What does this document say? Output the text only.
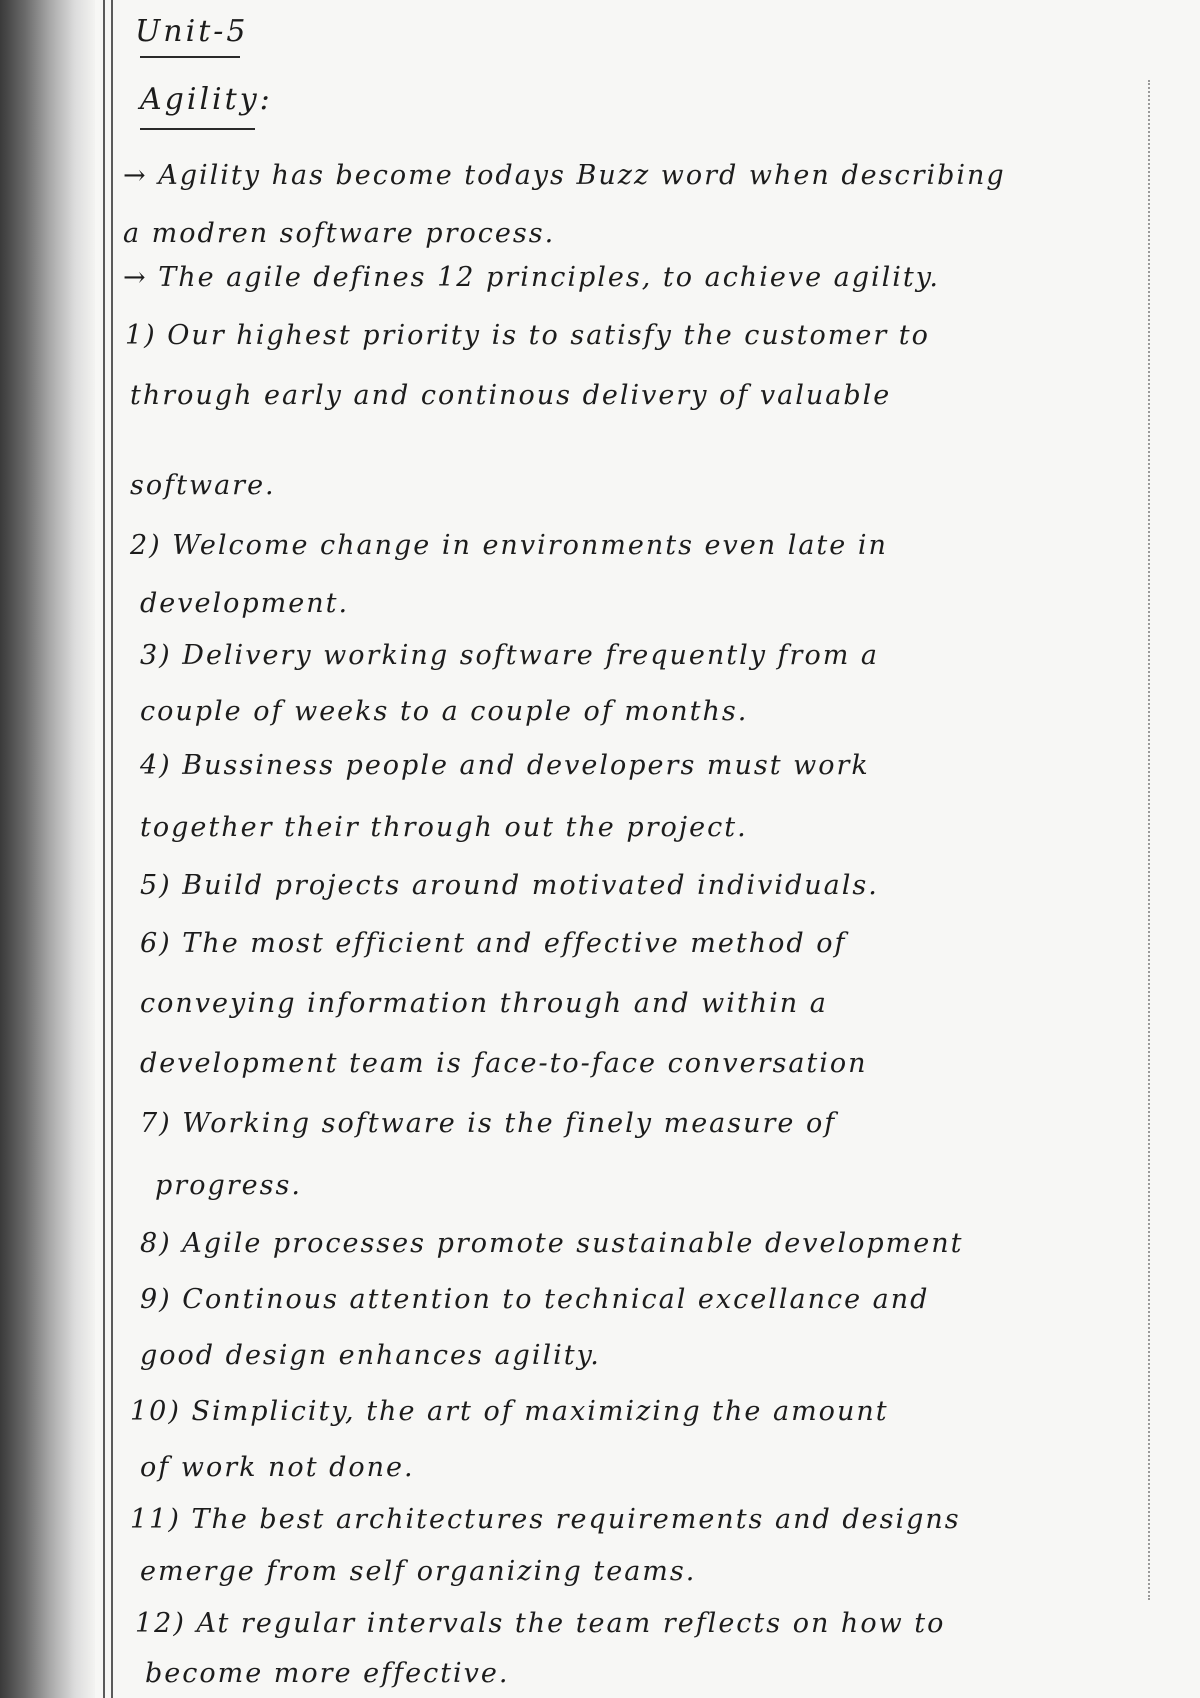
Unit-5
Agility:
→ Agility has become todays Buzz word when describing
a modren software process.
→ The agile defines 12 principles, to achieve agility.
1) Our highest priority is to satisfy the customer to
through early and continous delivery of valuable
software.
2) Welcome change in environments even late in
development.
3) Delivery working software frequently from a
couple of weeks to a couple of months.
4) Bussiness people and developers must work
together their through out the project.
5) Build projects around motivated individuals.
6) The most efficient and effective method of
conveying information through and within a
development team is face-to-face conversation
7) Working software is the finely measure of
progress.
8) Agile processes promote sustainable development
9) Continous attention to technical excellance and
good design enhances agility.
10) Simplicity, the art of maximizing the amount
of work not done.
11) The best architectures requirements and designs
emerge from self organizing teams.
12) At regular intervals the team reflects on how to
become more effective.
